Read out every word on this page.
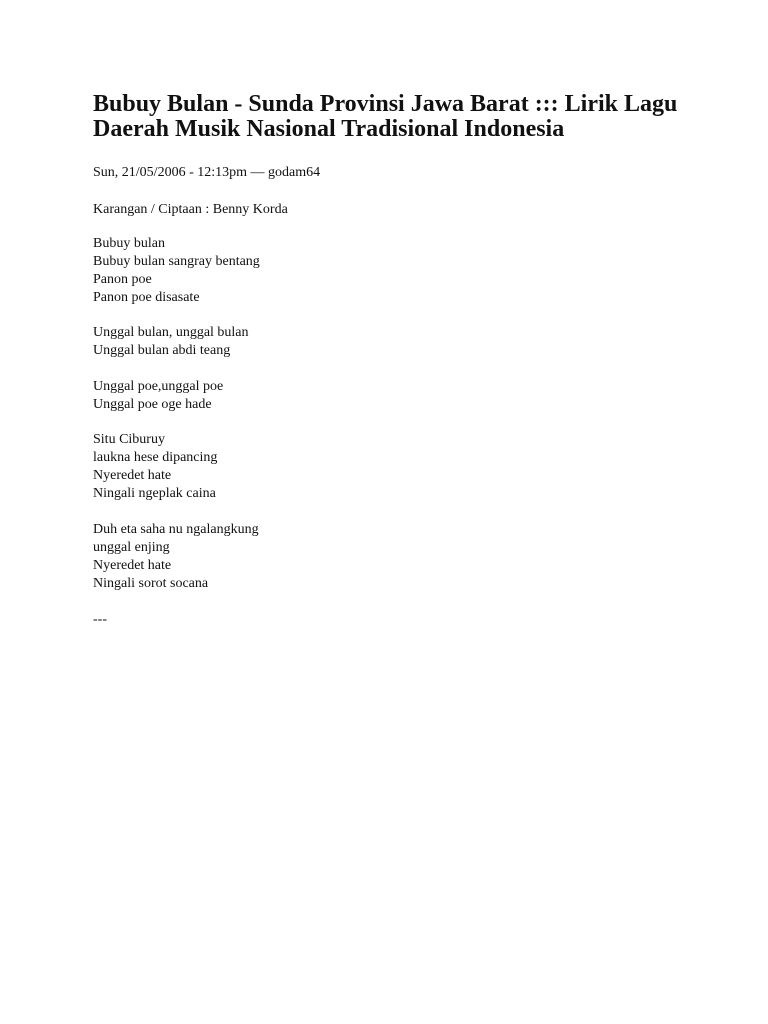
Bubuy Bulan - Sunda Provinsi Jawa Barat ::: Lirik Lagu Daerah Musik Nasional Tradisional Indonesia
Sun, 21/05/2006 - 12:13pm — godam64
Karangan / Ciptaan : Benny Korda
Bubuy bulan
Bubuy bulan sangray bentang
Panon poe
Panon poe disasate
Unggal bulan, unggal bulan
Unggal bulan abdi teang
Unggal poe,unggal poe
Unggal poe oge hade
Situ Ciburuy
laukna hese dipancing
Nyeredet hate
Ningali ngeplak caina
Duh eta saha nu ngalangkung
unggal enjing
Nyeredet hate
Ningali sorot socana
---
